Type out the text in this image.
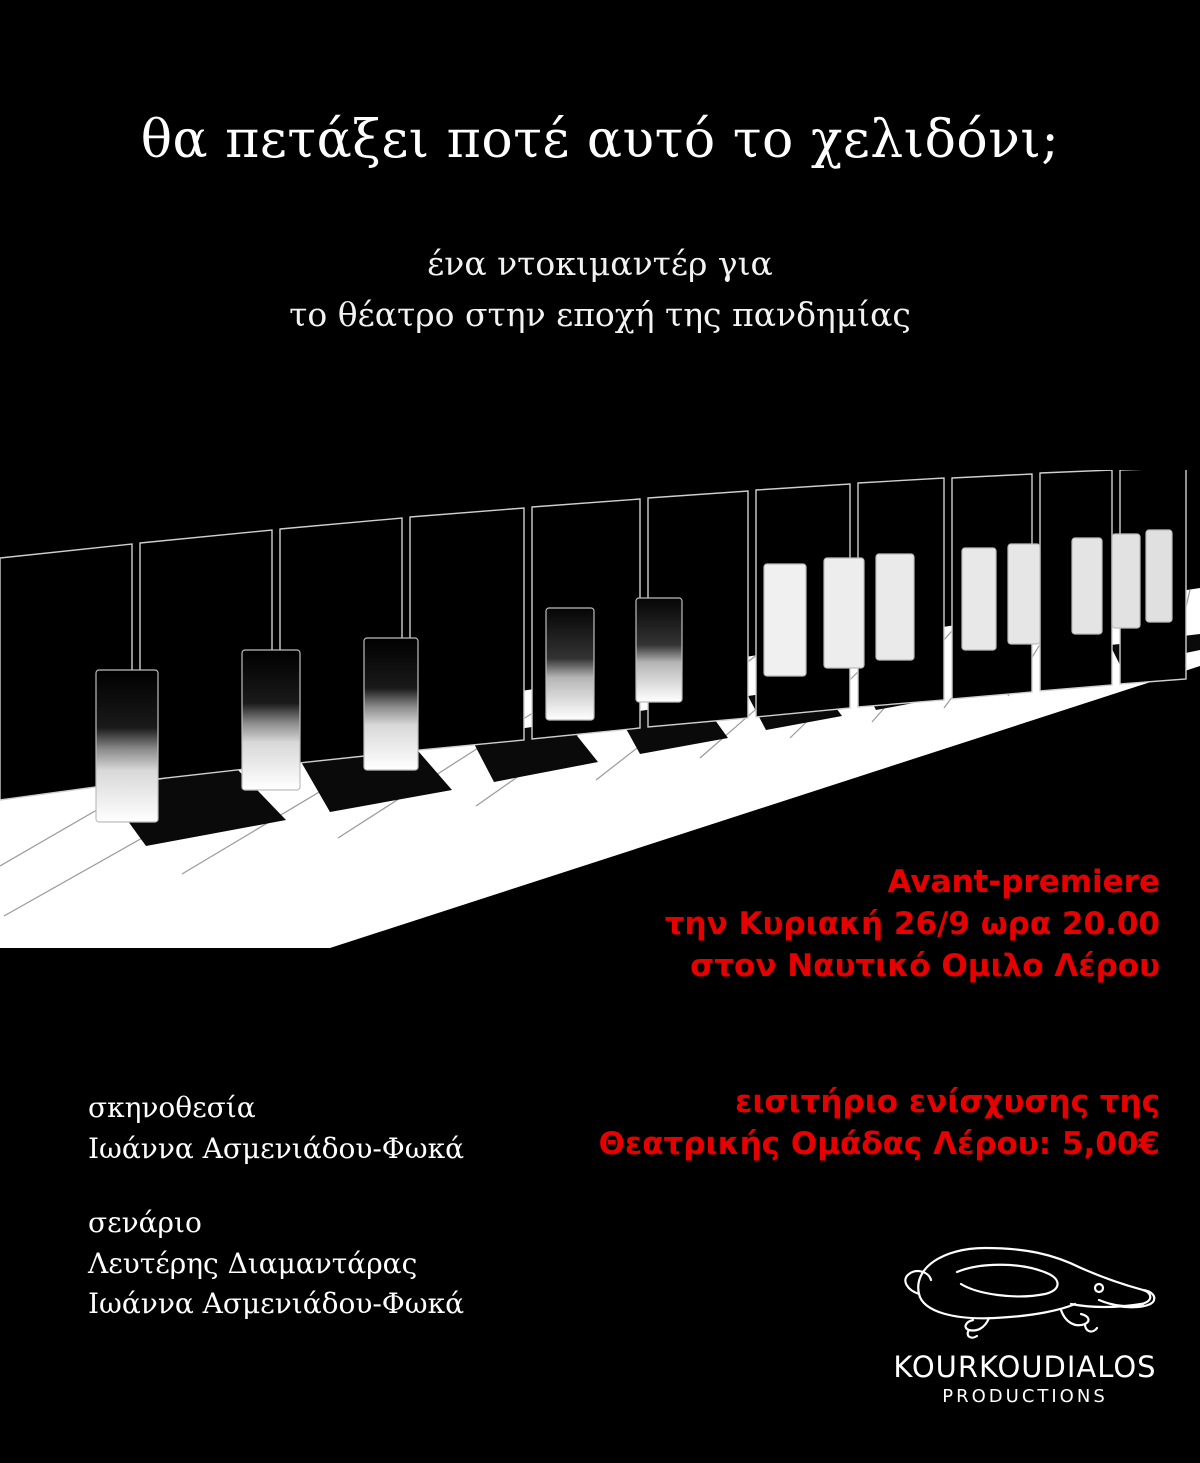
θα πετάξει ποτέ αυτό το χελιδόνι;
ένα ντοκιμαντέρ για
το θέατρο στην εποχή της πανδημίας
Avant-premiere
την Κυριακή 26/9 ωρα 20.00
στον Ναυτικό Ομιλο Λέρου
εισιτήριο ενίσχυσης της
Θεατρικής Ομάδας Λέρου: 5,00€
σκηνοθεσία
Ιωάννα Ασμενιάδου-Φωκά
σενάριο
Λευτέρης Διαμαντάρας
Ιωάννα Ασμενιάδου-Φωκά
KOURKOUDIALOS
PRODUCTIONS
